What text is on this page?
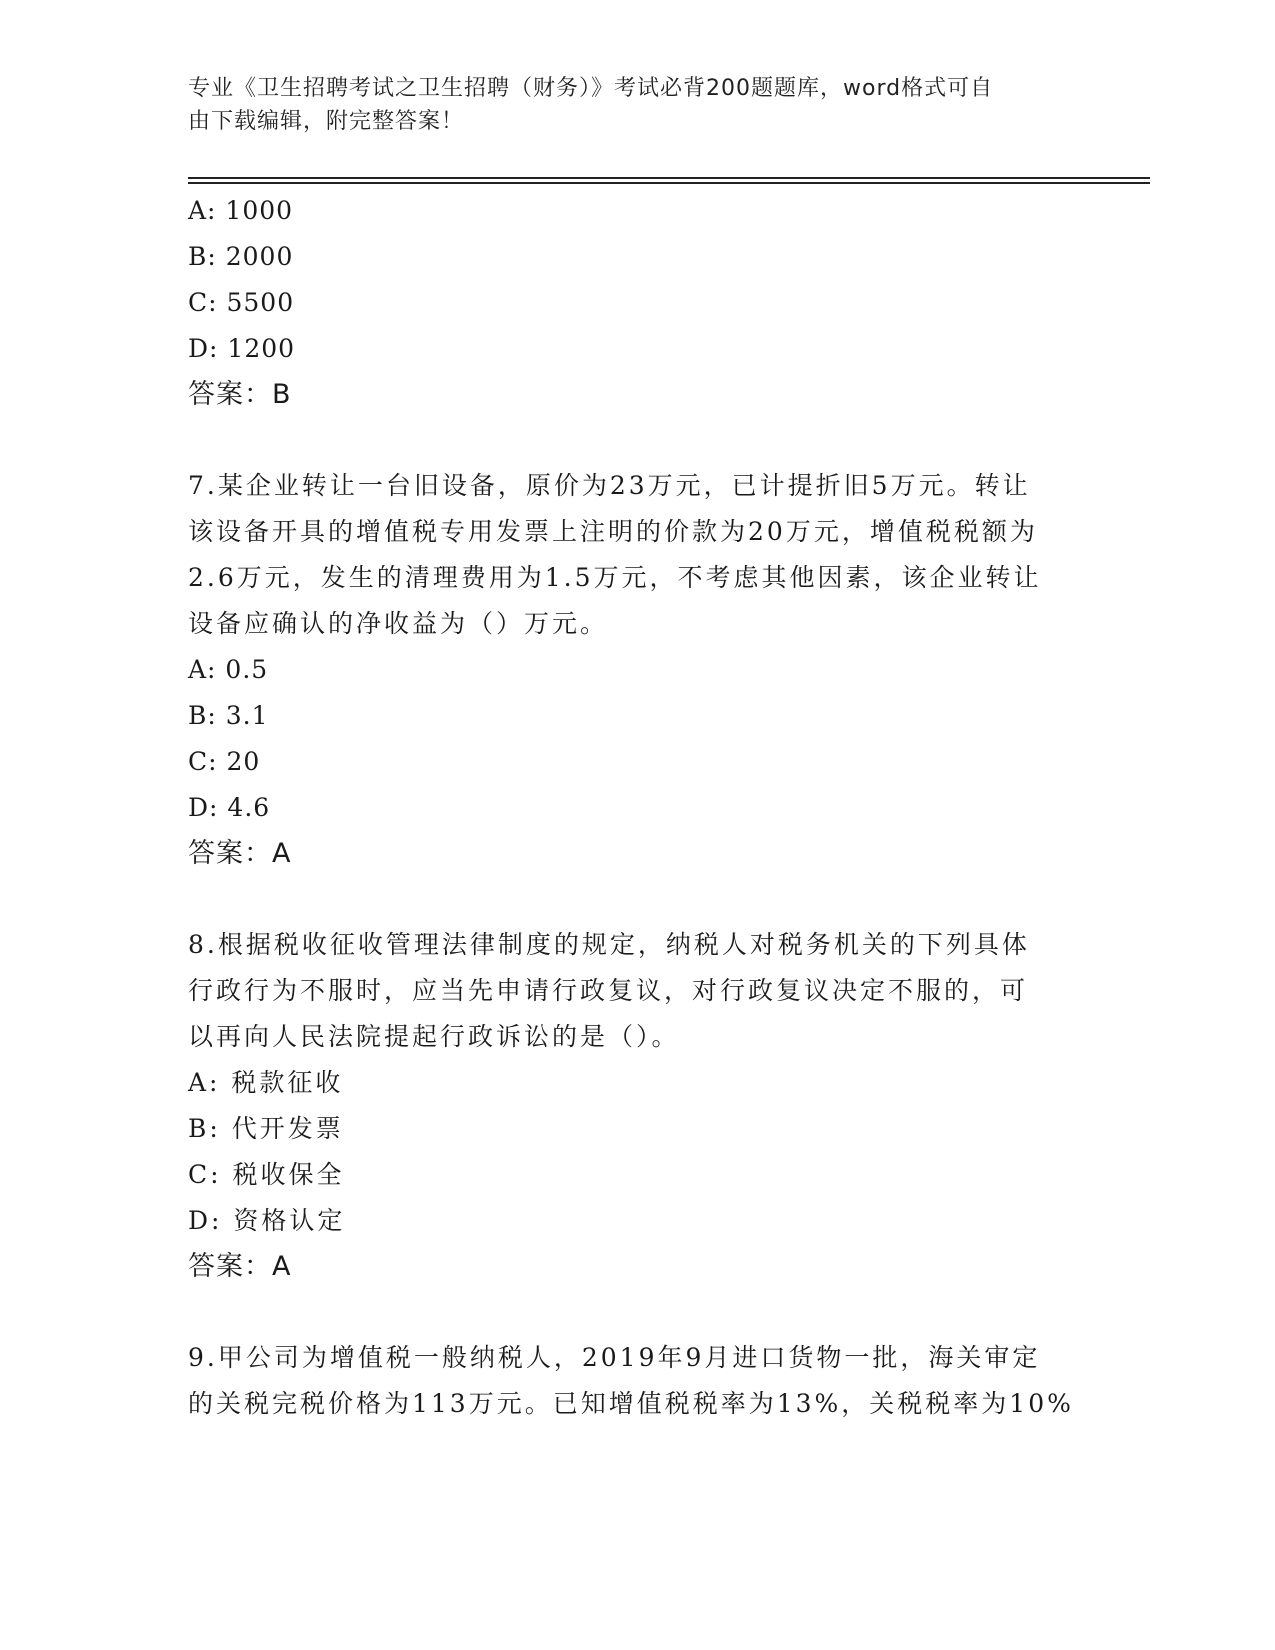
专业《卫生招聘考试之卫生招聘（财务）》考试必背200题题库，word格式可自
由下载编辑，附完整答案！
A: 1000
B: 2000
C: 5500
D: 1200
答案：B
7.某企业转让一台旧设备，原价为23万元，已计提折旧5万元。转让
该设备开具的增值税专用发票上注明的价款为20万元，增值税税额为
2.6万元，发生的清理费用为1.5万元，不考虑其他因素，该企业转让
设备应确认的净收益为（）万元。
A: 0.5
B: 3.1
C: 20
D: 4.6
答案：A
8.根据税收征收管理法律制度的规定，纳税人对税务机关的下列具体
行政行为不服时，应当先申请行政复议，对行政复议决定不服的，可
以再向人民法院提起行政诉讼的是（）。
A: 税款征收
B: 代开发票
C: 税收保全
D: 资格认定
答案：A
9.甲公司为增值税一般纳税人，2019年9月进口货物一批，海关审定
的关税完税价格为113万元。已知增值税税率为13%，关税税率为10%
